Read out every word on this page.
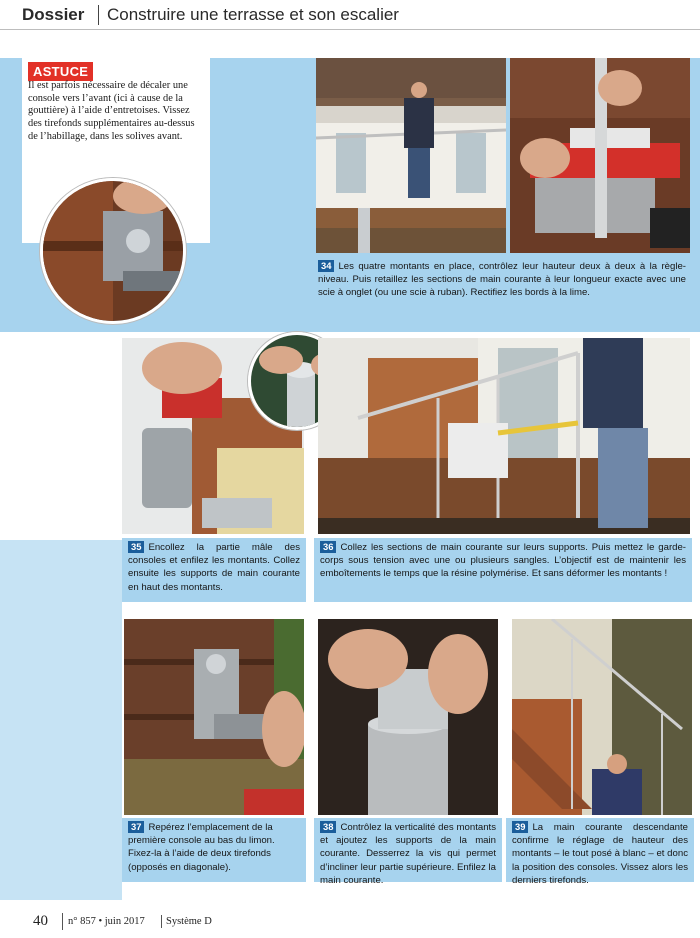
Dossier Construire une terrasse et son escalier
ASTUCE

Il est parfois nécessaire de décaler une console vers l’avant (ici à cause de la gouttière) à l’aide d’entretoises. Vissez des tirefonds supplémentaires au-dessus de l’habillage, dans les solives avant.

34 Les quatre montants en place, contrôlez leur hauteur deux à deux à la règle-niveau. Puis retaillez les sections de main courante à leur longueur exacte avec une scie à onglet (ou une scie à ruban). Rectifiez les bords à la lime.
35 Encollez la partie mâle des consoles et enfilez les montants. Collez ensuite les supports de main courante en haut des montants.
36 Collez les sections de main courante sur leurs supports. Puis mettez le garde-corps sous tension avec une ou plusieurs sangles. L’objectif est de maintenir les emboîtements le temps que la résine polymérise. Et sans déformer les montants !
37 Repérez l’emplacement de la première console au bas du limon. Fixez-la à l’aide de deux tirefonds (opposés en diagonale).
38 Contrôlez la verticalité des montants et ajoutez les supports de la main courante. Desserrez la vis qui permet d’incliner leur partie supérieure. Enfilez la main courante.
39 La main courante descendante confirme le réglage de hauteur des montants – le tout posé à blanc – et donc la position des consoles. Vissez alors les derniers tirefonds.
40 n° 857 • juin 2017 Système D
